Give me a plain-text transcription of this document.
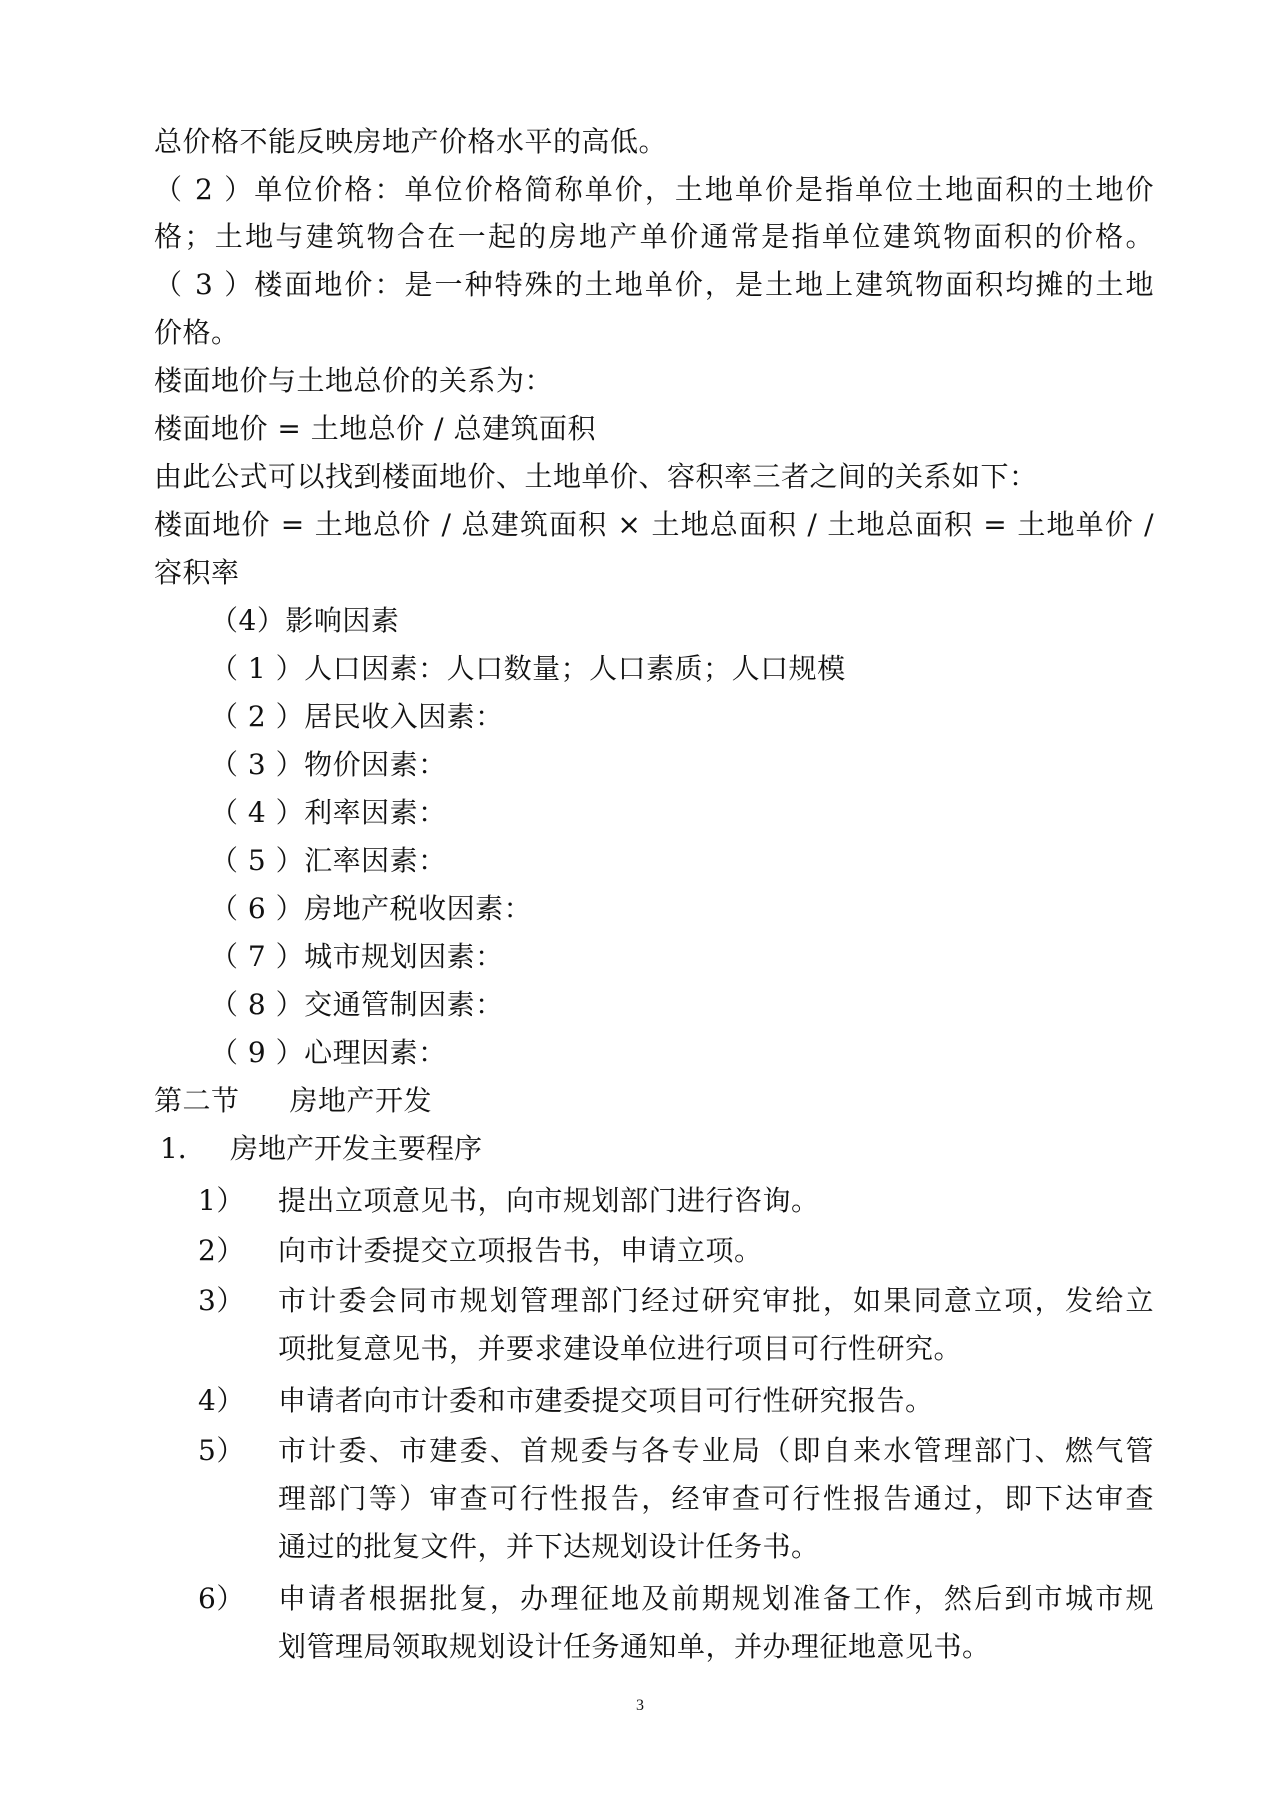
总价格不能反映房地产价格水平的高低。
（ 2 ）单位价格：单位价格简称单价，土地单价是指单位土地面积的土地价
格；土地与建筑物合在一起的房地产单价通常是指单位建筑物面积的价格。
（ 3 ）楼面地价：是一种特殊的土地单价，是土地上建筑物面积均摊的土地
价格。
楼面地价与土地总价的关系为：
楼面地价 = 土地总价 / 总建筑面积
由此公式可以找到楼面地价、土地单价、容积率三者之间的关系如下：
楼面地价 = 土地总价 / 总建筑面积 × 土地总面积 / 土地总面积 = 土地单价 /
容积率
（4）影响因素
（ 1 ）人口因素：人口数量；人口素质；人口规模
（ 2 ）居民收入因素：
（ 3 ）物价因素：
（ 4 ）利率因素：
（ 5 ）汇率因素：
（ 6 ）房地产税收因素：
（ 7 ）城市规划因素：
（ 8 ）交通管制因素：
（ 9 ）心理因素：
第二节 房地产开发
1． 房地产开发主要程序
1） 提出立项意见书，向市规划部门进行咨询。
2） 向市计委提交立项报告书，申请立项。
3） 市计委会同市规划管理部门经过研究审批，如果同意立项，发给立
项批复意见书，并要求建设单位进行项目可行性研究。
4） 申请者向市计委和市建委提交项目可行性研究报告。
5） 市计委、市建委、首规委与各专业局（即自来水管理部门、燃气管
理部门等）审查可行性报告，经审查可行性报告通过，即下达审查
通过的批复文件，并下达规划设计任务书。
6） 申请者根据批复，办理征地及前期规划准备工作，然后到市城市规
划管理局领取规划设计任务通知单，并办理征地意见书。
3
